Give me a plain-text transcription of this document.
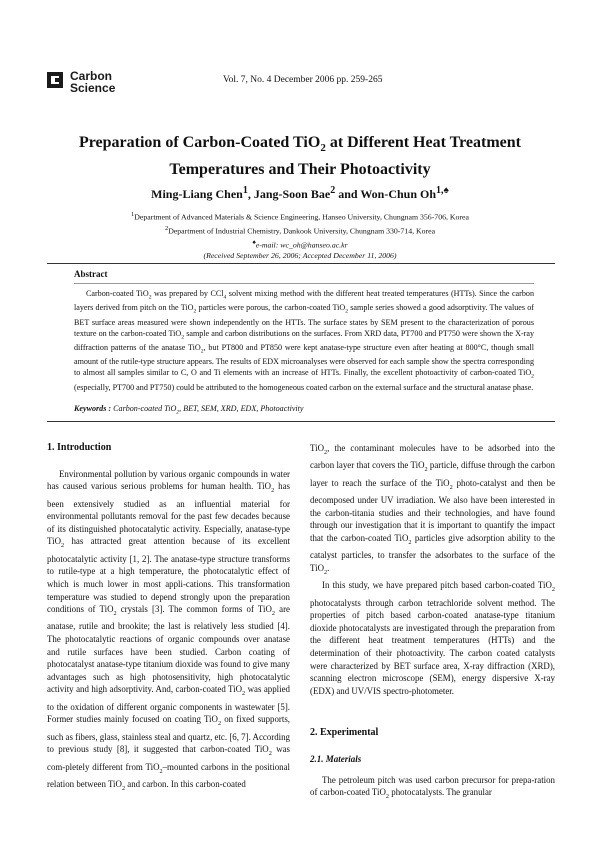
Carbon
Science
Vol. 7, No. 4 December 2006 pp. 259-265
Preparation of Carbon-Coated TiO$_2$ at Different Heat Treatment
Temperatures and Their Photoactivity
Ming-Liang Chen$^1$, Jang-Soon Bae$^2$ and Won-Chun $Oh^{1,♠}$
$^1$Department of Advanced Materials & Science Engineering, Hanseo University, Chungnam 356-706, Korea
$^2$Department of Industrial Chemistry, Dankook University, Chungnam 330-714, Korea
♠e-mail: wc_oh@hanseo.ac.kr
(Received September 26, 2006; Accepted December 11, 2006)
Abstract
Carbon-coated TiO$_2$ was prepared by CCl$_4$ solvent mixing method with the different heat treated temperatures (HTTs). Since the carbon layers derived from pitch on the TiO$_2$ particles were porous, the carbon-coated TiO$_2$ sample series showed a good adsorptivity. The values of BET surface areas measured were shown independently on the HTTs. The surface states by SEM present to the characterization of porous texture on the carbon-coated TiO$_2$ sample and carbon distributions on the surfaces. From XRD data, PT700 and PT750 were shown the X-ray diffraction patterns of the anatase TiO$_2$, but PT800 and PT850 were kept anatase-type structure even after heating at 800°C, though small amount of the rutile-type structure appears. The results of EDX microanalyses were observed for each sample show the spectra corresponding to almost all samples similar to C, O and Ti elements with an increase of HTTs. Finally, the excellent photoactivity of carbon-coated TiO$_2$ (especially, PT700 and PT750) could be attributed to the homogeneous coated carbon on the external surface and the structural anatase phase.
Keywords : Carbon-coated TiO$_2$, BET, SEM, XRD, EDX, Photoactivity
1. Introduction

Environmental pollution by various organic compounds in water has caused various serious problems for human health. TiO$_2$ has been extensively studied as an influential material for environmental pollutants removal for the past few decades because of its distinguished photocatalytic activity. Especially, anatase-type TiO$_2$ has attracted great attention because of its excellent photocatalytic activity [1, 2]. The anatase-type structure transforms to rutile-type at a high temperature, the photocatalytic effect of which is much lower in most appli-cations. This transformation temperature was studied to depend strongly upon the preparation conditions of TiO$_2$ crystals [3]. The common forms of TiO$_2$ are anatase, rutile and brookite; the last is relatively less studied [4]. The photocatalytic reactions of organic compounds over anatase and rutile surfaces have been studied. Carbon coating of photocatalyst anatase-type titanium dioxide was found to give many advantages such as high photosensitivity, high photocatalytic activity and high adsorptivity. And, carbon-coated TiO$_2$ was applied to the oxidation of different organic components in wastewater [5]. Former studies mainly focused on coating TiO$_2$ on fixed supports, such as fibers, glass, stainless steal and quartz, etc. [6, 7]. According to previous study [8], it suggested that carbon-coated TiO$_2$ was com-pletely different from TiO$_2$–mounted carbons in the positional relation between TiO$_2$ and carbon. In this carbon-coated

TiO$_2$, the contaminant molecules have to be adsorbed into the carbon layer that covers the TiO$_2$ particle, diffuse through the carbon layer to reach the surface of the TiO$_2$ photo-catalyst and then be decomposed under UV irradiation. We also have been interested in the carbon-titania studies and their technologies, and have found through our investigation that it is important to quantify the impact that the carbon-coated TiO$_2$ particles give adsorption ability to the catalyst particles, to transfer the adsorbates to the surface of the TiO$_2$.

In this study, we have prepared pitch based carbon-coated TiO$_2$ photocatalysts through carbon tetrachloride solvent method. The properties of pitch based carbon-coated anatase-type titanium dioxide photocatalysts are investigated through the preparation from the different heat treatment temperatures (HTTs) and the determination of their photoactivity. The carbon coated catalysts were characterized by BET surface area, X-ray diffraction (XRD), scanning electron microscope (SEM), energy dispersive X-ray (EDX) and UV/VIS spectro-photometer.

2. Experimental
2.1. Materials

The petroleum pitch was used carbon precursor for prepa-ration of carbon-coated TiO$_2$ photocatalysts. The granular
